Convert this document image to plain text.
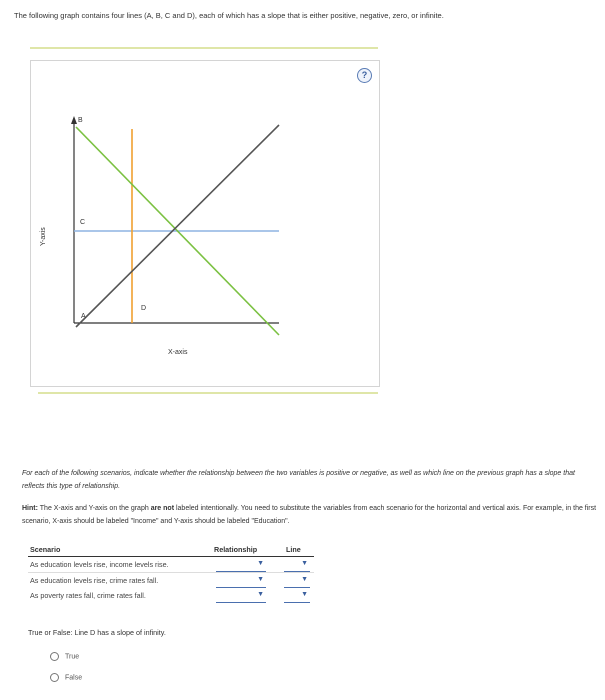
The following graph contains four lines (A, B, C and D), each of which has a slope that is either positive, negative, zero, or infinite.
B
C
D
A
X-axis
Y-axis
?
For each of the following scenarios, indicate whether the relationship between the two variables is positive or negative, as well as which line on the previous graph has a slope that reflects this type of relationship.
Hint: The X-axis and Y-axis on the graph are not labeled intentionally. You need to substitute the variables from each scenario for the horizontal and vertical axis. For example, in the first scenario, X-axis should be labeled "Income" and Y-axis should be labeled "Education".
Scenario	Relationship	Line
As education levels rise, income levels rise.	▼	▼
As education levels rise, crime rates fall.	▼	▼
As poverty rates fall, crime rates fall.	▼	▼
True or False: Line D has a slope of infinity.
True
False
